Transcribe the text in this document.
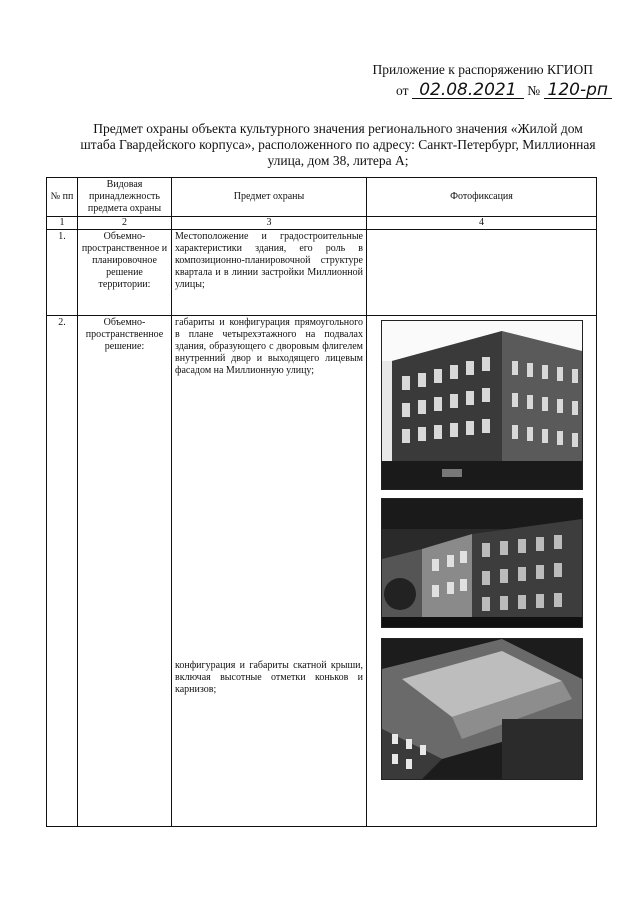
Приложение к распоряжению КГИОП
от 02.08.2021 № 120-рп
Предмет охраны объекта культурного значения регионального значения «Жилой дом штаба Гвардейского корпуса», расположенного по адресу: Санкт-Петербург, Миллионная улица, дом 38, литера А;
№ пп	Видовая принадлежность предмета охраны	Предмет охраны	Фотофиксация
1	2	3	4
1.	Объемно-пространственное и планировочное решение территории:	Местоположение и градостроительные характеристики здания, его роль в композиционно-планировочной структуре квартала и в линии застройки Миллионной улицы;	
2.	Объемно-пространственное решение:	габариты и конфигурация прямоугольного в плане четырехэтажного на подвалах здания, образующего с дворовым флигелем внутренний двор и выходящего лицевым фасадом на Миллионную улицу;
конфигурация и габариты скатной крыши, включая высотные отметки коньков и карнизов;
